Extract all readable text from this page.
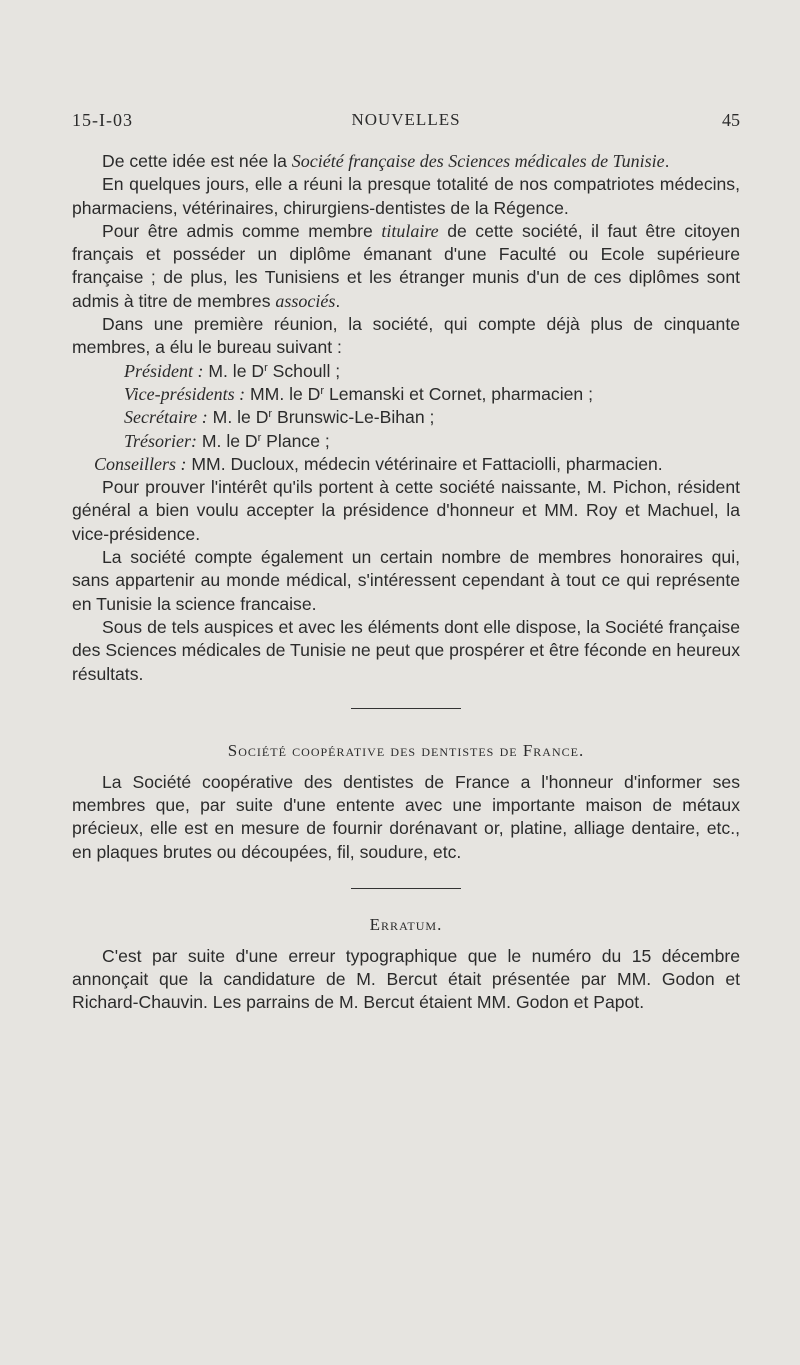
15-I-03	NOUVELLES	45

De cette idée est née la Société française des Sciences médicales de Tunisie.

En quelques jours, elle a réuni la presque totalité de nos compatriotes médecins, pharmaciens, vétérinaires, chirurgiens-dentistes de la Régence.

Pour être admis comme membre titulaire de cette société, il faut être citoyen français et posséder un diplôme émanant d'une Faculté ou Ecole supérieure française ; de plus, les Tunisiens et les étranger munis d'un de ces diplômes sont admis à titre de membres associés.

Dans une première réunion, la société, qui compte déjà plus de cinquante membres, a élu le bureau suivant :

Président : M. le $D^r$ Schoull ;

Vice-présidents : MM. le $D^r$ Lemanski et Cornet, pharmacien ;

Secrétaire : M. le $D^r$ Brunswic-Le-Bihan ;

Trésorier: M. le $D^r$ Plance ;

Conseillers : MM. Ducloux, médecin vétérinaire et Fattaciolli, pharmacien.

Pour prouver l'intérêt qu'ils portent à cette société naissante, M. Pichon, résident général a bien voulu accepter la présidence d'honneur et MM. Roy et Machuel, la vice-présidence.

La société compte également un certain nombre de membres honoraires qui, sans appartenir au monde médical, s'intéressent cependant à tout ce qui représente en Tunisie la science francaise.

Sous de tels auspices et avec les éléments dont elle dispose, la Société française des Sciences médicales de Tunisie ne peut que prospérer et être féconde en heureux résultats.

Société coopérative des dentistes de France.

La Société coopérative des dentistes de France a l'honneur d'informer ses membres que, par suite d'une entente avec une importante maison de métaux précieux, elle est en mesure de fournir dorénavant or, platine, alliage dentaire, etc., en plaques brutes ou découpées, fil, soudure, etc.

Erratum.

C'est par suite d'une erreur typographique que le numéro du 15 décembre annonçait que la candidature de M. Bercut était présentée par MM. Godon et Richard-Chauvin. Les parrains de M. Bercut étaient MM. Godon et Papot.
